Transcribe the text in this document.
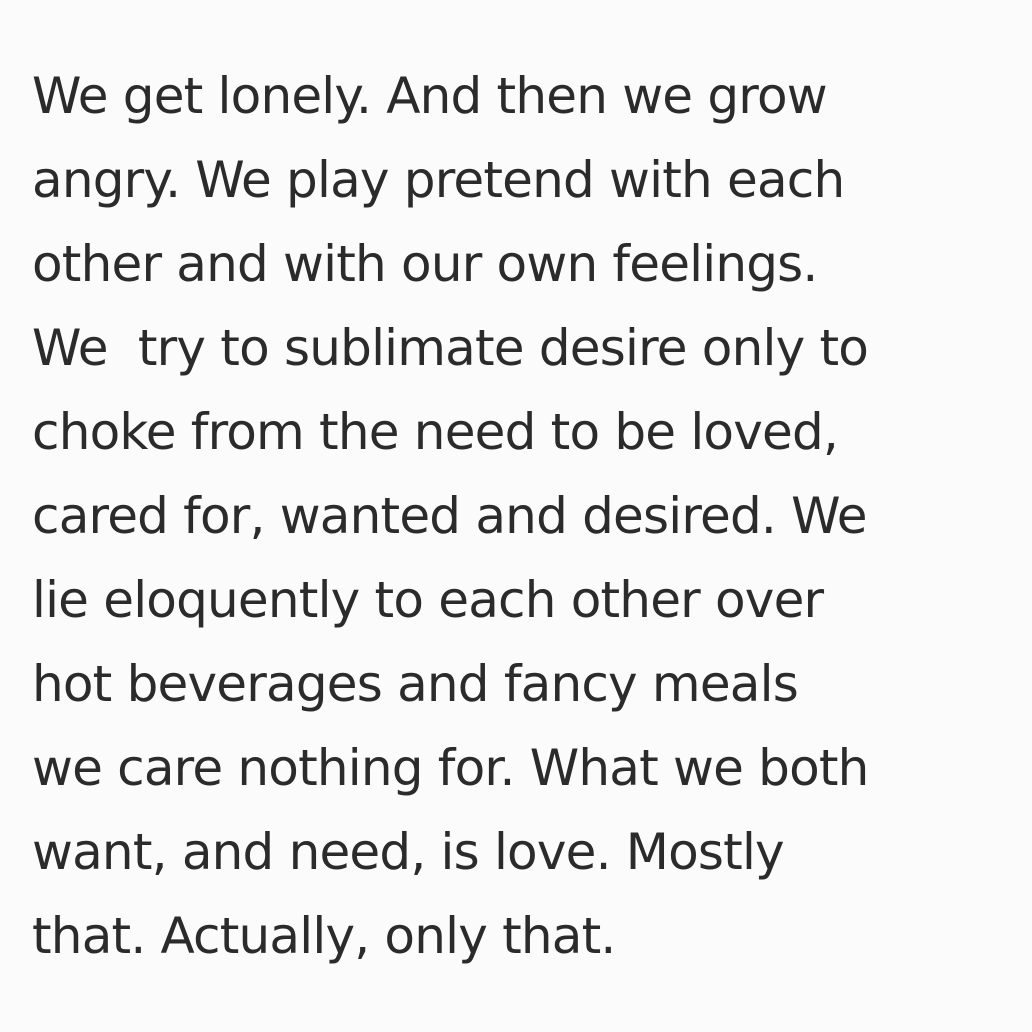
We get lonely. And then we grow
angry. We play pretend with each
other and with our own feelings.
We  try to sublimate desire only to
choke from the need to be loved,
cared for, wanted and desired. We
lie eloquently to each other over
hot beverages and fancy meals
we care nothing for. What we both
want, and need, is love. Mostly
that. Actually, only that.
